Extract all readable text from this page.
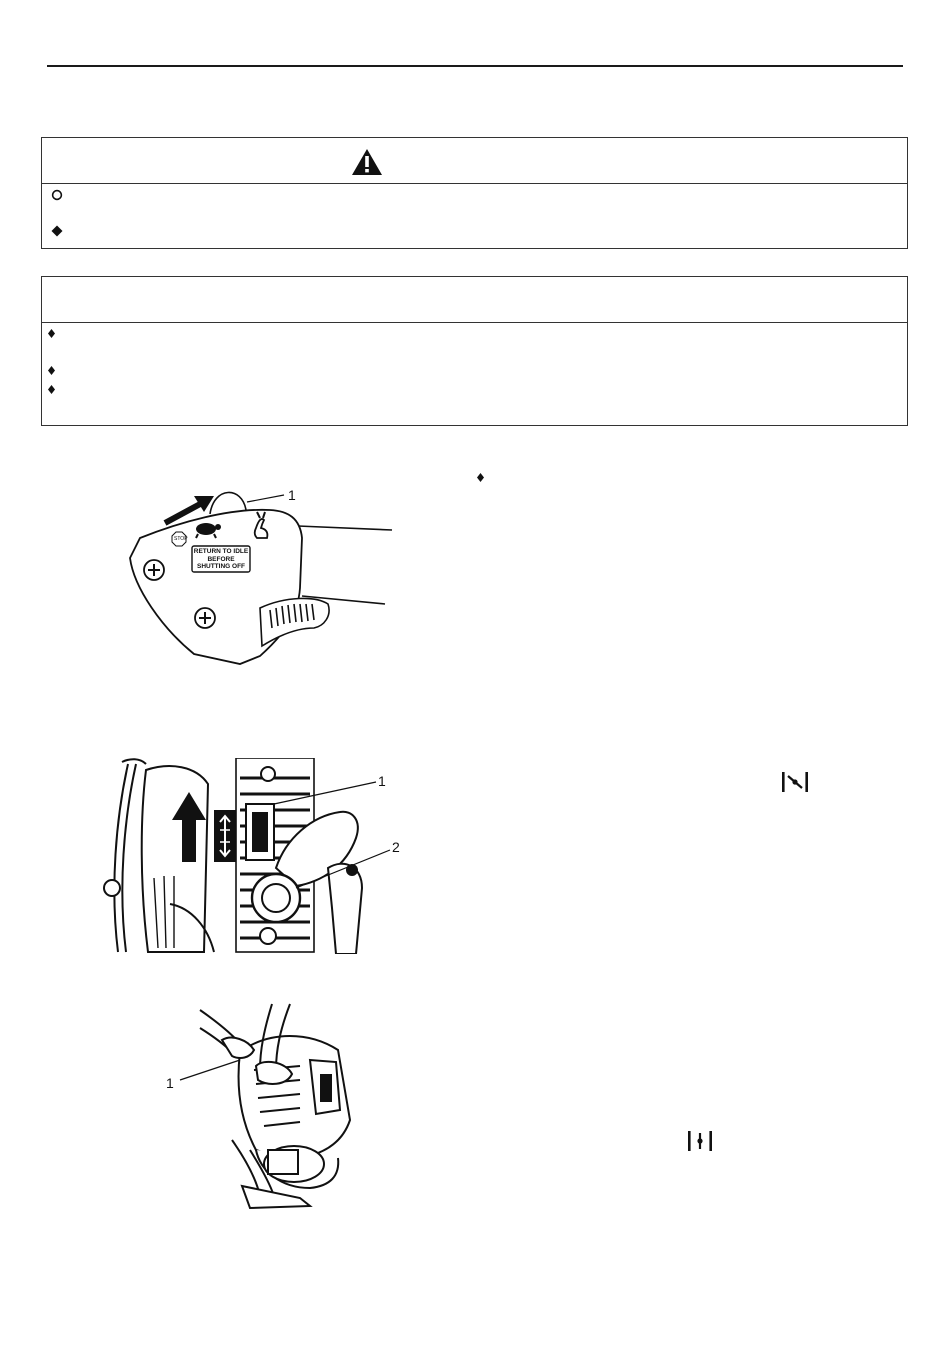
STOP
RETURN TO IDLE
BEFORE
SHUTTING OFF
1
1
2
1
